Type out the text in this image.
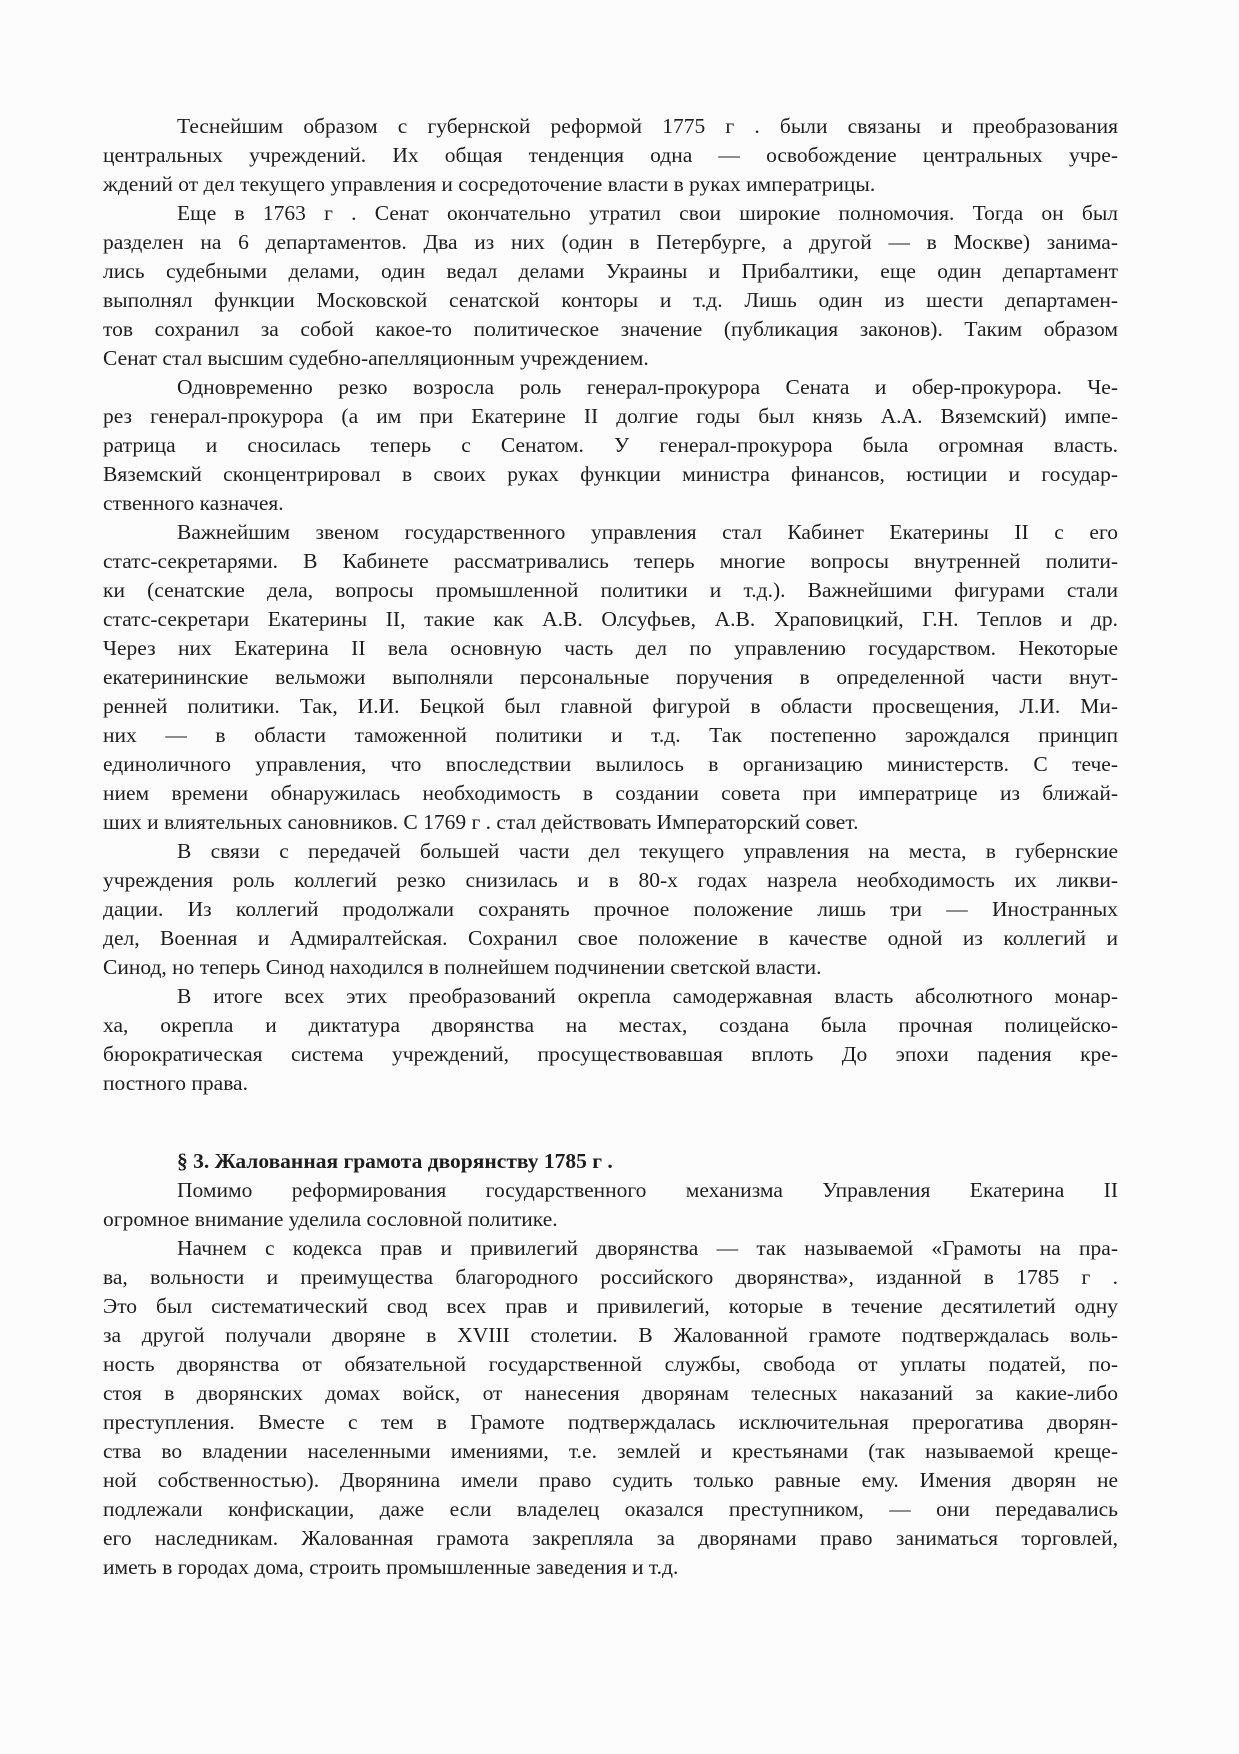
Теснейшим образом с губернской реформой 1775 г . были связаны и преобразования
центральных учреждений. Их общая тенденция одна — освобождение центральных учре-
ждений от дел текущего управления и сосредоточение власти в руках императрицы.
Еще в 1763 г . Сенат окончательно утратил свои широкие полномочия. Тогда он был
разделен на 6 департаментов. Два из них (один в Петербурге, а другой — в Москве) занима-
лись судебными делами, один ведал делами Украины и Прибалтики, еще один департамент
выполнял функции Московской сенатской конторы и т.д. Лишь один из шести департамен-
тов сохранил за собой какое-то политическое значение (публикация законов). Таким образом
Сенат стал высшим судебно-апелляционным учреждением.
Одновременно резко возросла роль генерал-прокурора Сената и обер-прокурора. Че-
рез генерал-прокурора (а им при Екатерине II долгие годы был князь А.А. Вяземский) импе-
ратрица и сносилась теперь с Сенатом. У генерал-прокурора была огромная власть.
Вяземский сконцентрировал в своих руках функции министра финансов, юстиции и государ-
ственного казначея.
Важнейшим звеном государственного управления стал Кабинет Екатерины II с его
статс-секретарями. В Кабинете рассматривались теперь многие вопросы внутренней полити-
ки (сенатские дела, вопросы промышленной политики и т.д.). Важнейшими фигурами стали
статс-секретари Екатерины II, такие как А.В. Олсуфьев, А.В. Храповицкий, Г.Н. Теплов и др.
Через них Екатерина II вела основную часть дел по управлению государством. Некоторые
екатерининские вельможи выполняли персональные поручения в определенной части внут-
ренней политики. Так, И.И. Бецкой был главной фигурой в области просвещения, Л.И. Ми-
них — в области таможенной политики и т.д. Так постепенно зарождался принцип
единоличного управления, что впоследствии вылилось в организацию министерств. С тече-
нием времени обнаружилась необходимость в создании совета при императрице из ближай-
ших и влиятельных сановников. С 1769 г . стал действовать Императорский совет.
В связи с передачей большей части дел текущего управления на места, в губернские
учреждения роль коллегий резко снизилась и в 80-х годах назрела необходимость их ликви-
дации. Из коллегий продолжали сохранять прочное положение лишь три — Иностранных
дел, Военная и Адмиралтейская. Сохранил свое положение в качестве одной из коллегий и
Синод, но теперь Синод находился в полнейшем подчинении светской власти.
В итоге всех этих преобразований окрепла самодержавная власть абсолютного монар-
ха, окрепла и диктатура дворянства на местах, создана была прочная полицейско-
бюрократическая система учреждений, просуществовавшая вплоть До эпохи падения кре-
постного права.
§ 3. Жалованная грамота дворянству 1785 г .
Помимо реформирования государственного механизма Управления Екатерина II
огромное внимание уделила сословной политике.
Начнем с кодекса прав и привилегий дворянства — так называемой «Грамоты на пра-
ва, вольности и преимущества благородного российского дворянства», изданной в 1785 г .
Это был систематический свод всех прав и привилегий, которые в течение десятилетий одну
за другой получали дворяне в XVIII столетии. В Жалованной грамоте подтверждалась воль-
ность дворянства от обязательной государственной службы, свобода от уплаты податей, по-
стоя в дворянских домах войск, от нанесения дворянам телесных наказаний за какие-либо
преступления. Вместе с тем в Грамоте подтверждалась исключительная прерогатива дворян-
ства во владении населенными имениями, т.е. землей и крестьянами (так называемой креще-
ной собственностью). Дворянина имели право судить только равные ему. Имения дворян не
подлежали конфискации, даже если владелец оказался преступником, — они передавались
его наследникам. Жалованная грамота закрепляла за дворянами право заниматься торговлей,
иметь в городах дома, строить промышленные заведения и т.д.
